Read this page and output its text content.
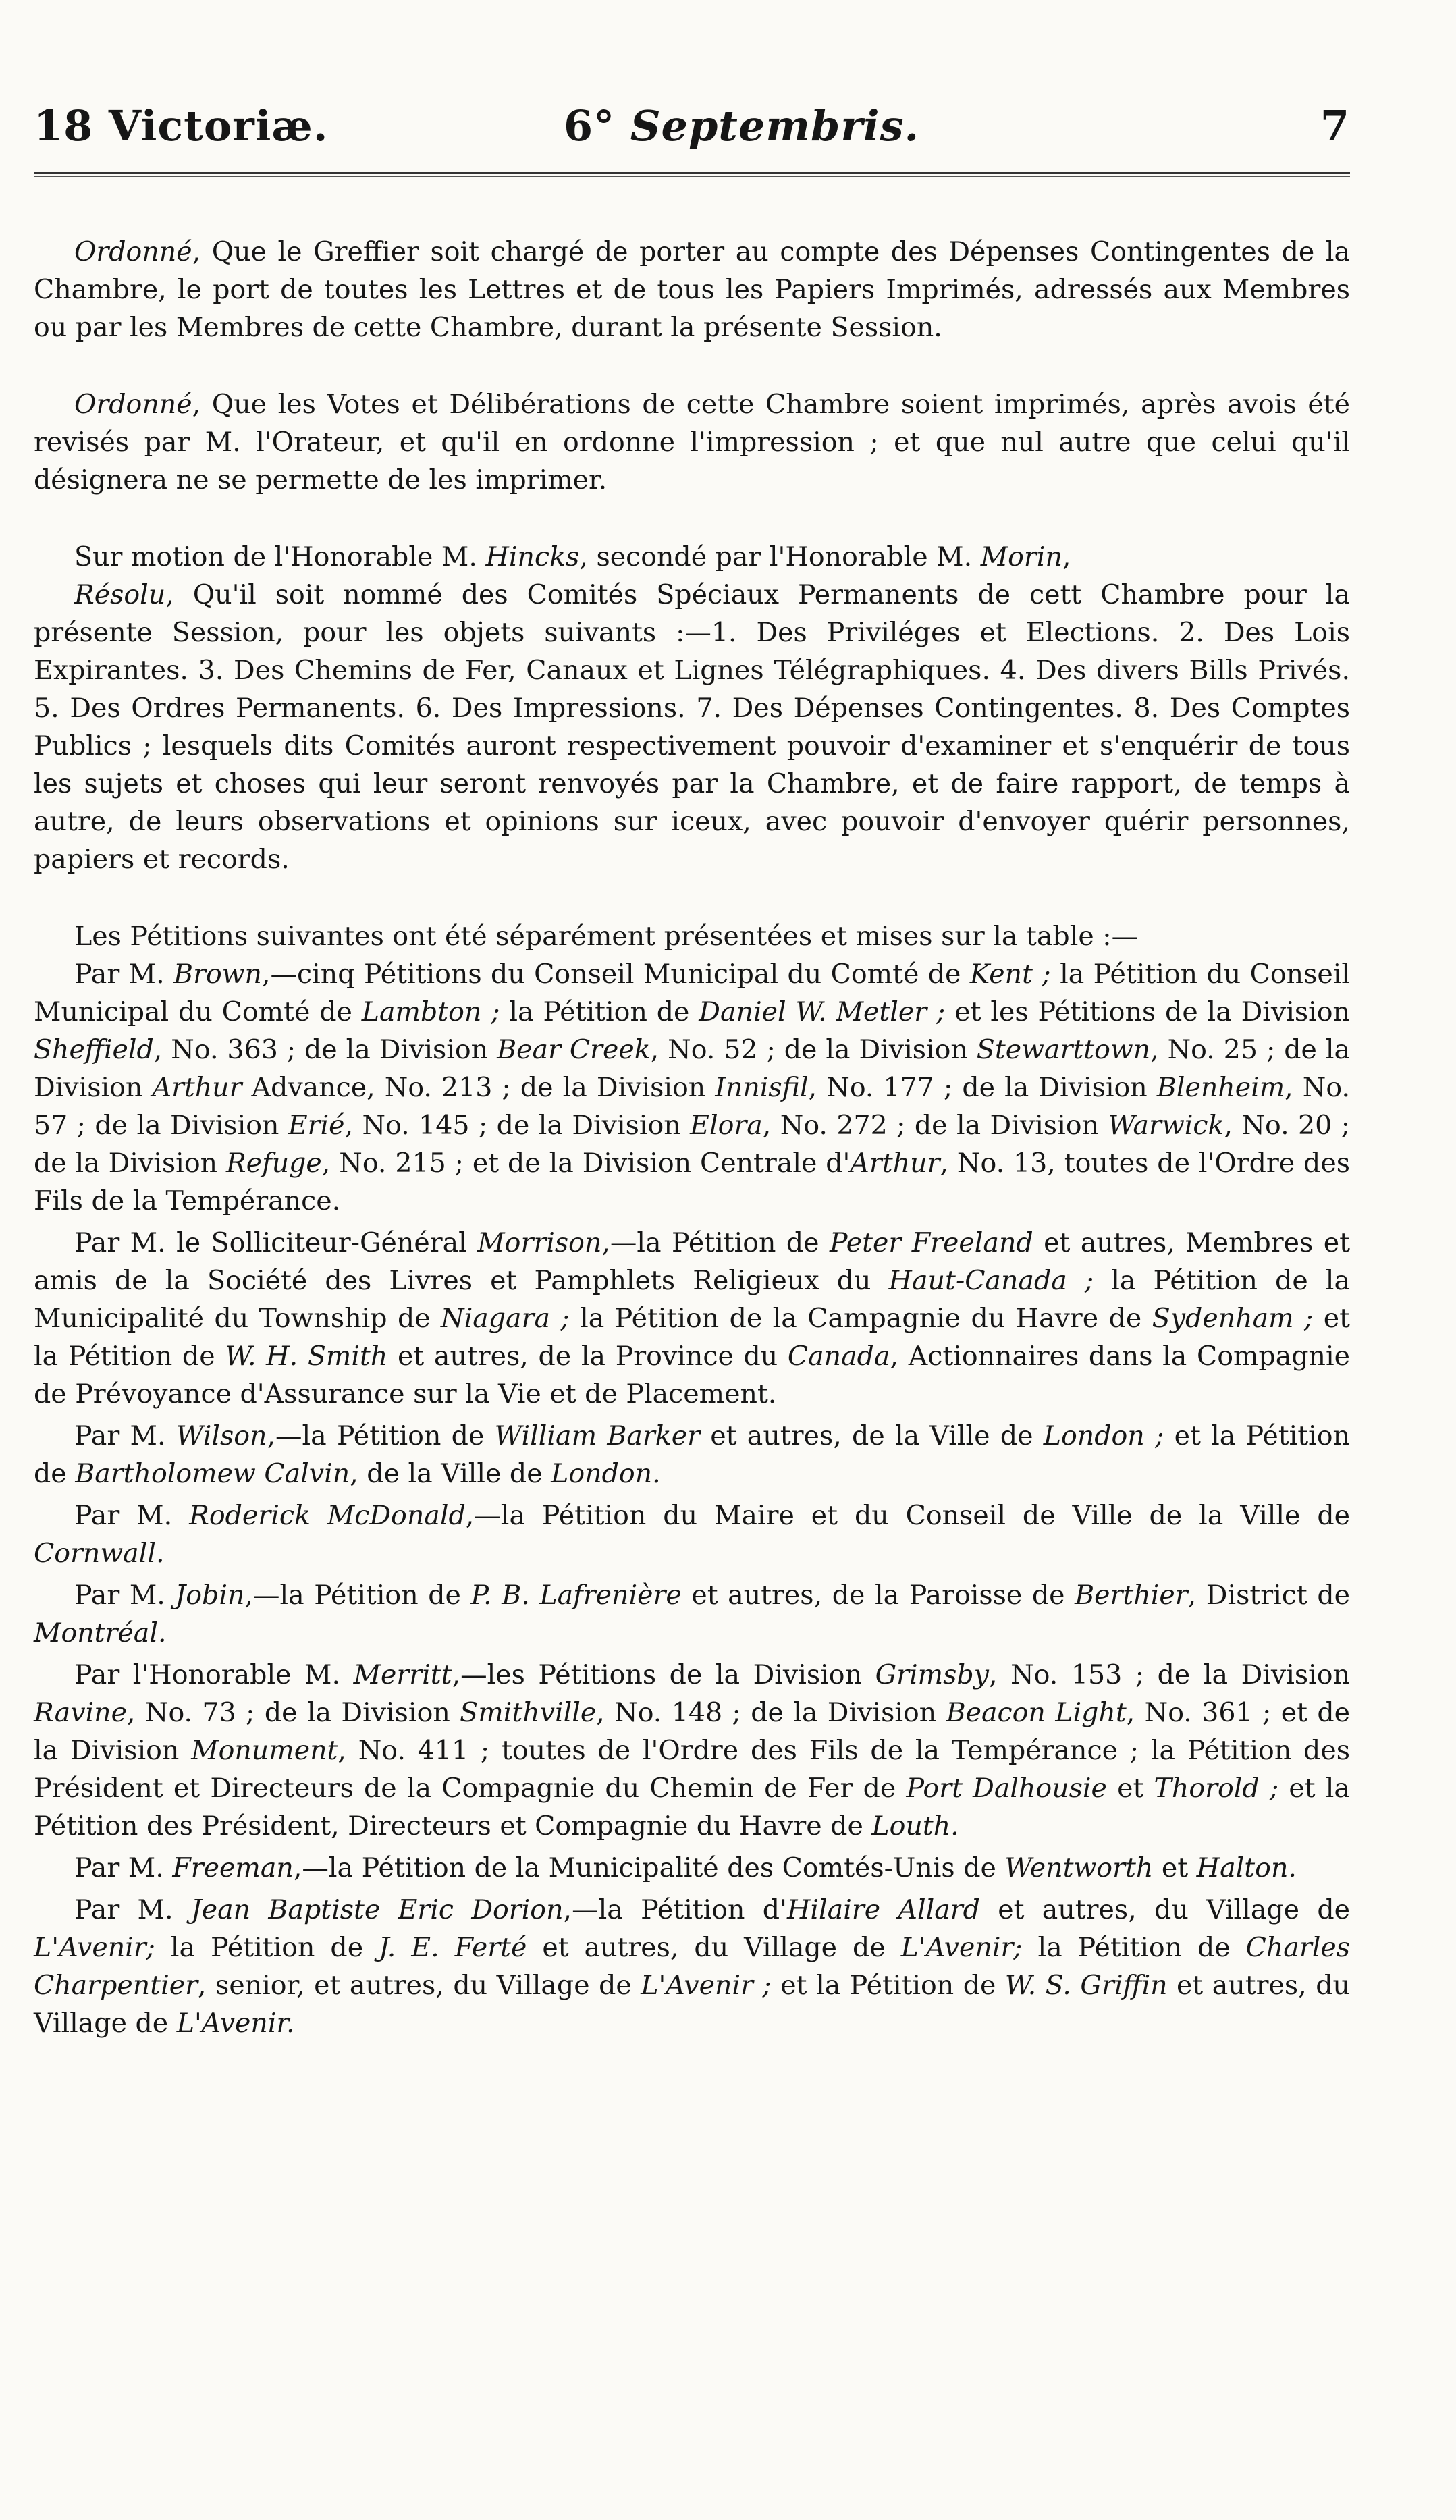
18 Victoriæ.	6° Septembris.	7

Ordonné, Que le Greffier soit chargé de porter au compte des Dépenses Contingentes de la Chambre, le port de toutes les Lettres et de tous les Papiers Imprimés, adressés aux Membres ou par les Membres de cette Chambre, durant la présente Session.

Ordonné, Que les Votes et Délibérations de cette Chambre soient imprimés, après avois été revisés par M. l'Orateur, et qu'il en ordonne l'impression ; et que nul autre que celui qu'il désignera ne se permette de les imprimer.

Sur motion de l'Honorable M. Hincks, secondé par l'Honorable M. Morin,

Résolu, Qu'il soit nommé des Comités Spéciaux Permanents de cett Chambre pour la présente Session, pour les objets suivants :—1. Des Priviléges et Elections. 2. Des Lois Expirantes. 3. Des Chemins de Fer, Canaux et Lignes Télégraphiques. 4. Des divers Bills Privés. 5. Des Ordres Permanents. 6. Des Impressions. 7. Des Dépenses Contingentes. 8. Des Comptes Publics ; lesquels dits Comités auront respectivement pouvoir d'examiner et s'enquérir de tous les sujets et choses qui leur seront renvoyés par la Chambre, et de faire rapport, de temps à autre, de leurs observations et opinions sur iceux, avec pouvoir d'envoyer quérir personnes, papiers et records.

Les Pétitions suivantes ont été séparément présentées et mises sur la table :—

Par M. Brown,—cinq Pétitions du Conseil Municipal du Comté de Kent ; la Pétition du Conseil Municipal du Comté de Lambton ; la Pétition de Daniel W. Metler ; et les Pétitions de la Division Sheffield, No. 363 ; de la Division Bear Creek, No. 52 ; de la Division Stewarttown, No. 25 ; de la Division Arthur Advance, No. 213 ; de la Division Innisfil, No. 177 ; de la Division Blenheim, No. 57 ; de la Division Erié, No. 145 ; de la Division Elora, No. 272 ; de la Division Warwick, No. 20 ; de la Division Refuge, No. 215 ; et de la Division Centrale d'Arthur, No. 13, toutes de l'Ordre des Fils de la Tempérance.

Par M. le Solliciteur-Général Morrison,—la Pétition de Peter Freeland et autres, Membres et amis de la Société des Livres et Pamphlets Religieux du Haut-Canada ; la Pétition de la Municipalité du Township de Niagara ; la Pétition de la Campagnie du Havre de Sydenham ; et la Pétition de W. H. Smith et autres, de la Province du Canada, Actionnaires dans la Compagnie de Prévoyance d'Assurance sur la Vie et de Placement.

Par M. Wilson,—la Pétition de William Barker et autres, de la Ville de London ; et la Pétition de Bartholomew Calvin, de la Ville de London.

Par M. Roderick McDonald,—la Pétition du Maire et du Conseil de Ville de la Ville de Cornwall.

Par M. Jobin,—la Pétition de P. B. Lafrenière et autres, de la Paroisse de Berthier, District de Montréal.

Par l'Honorable M. Merritt,—les Pétitions de la Division Grimsby, No. 153 ; de la Division Ravine, No. 73 ; de la Division Smithville, No. 148 ; de la Division Beacon Light, No. 361 ; et de la Division Monument, No. 411 ; toutes de l'Ordre des Fils de la Tempérance ; la Pétition des Président et Directeurs de la Compagnie du Chemin de Fer de Port Dalhousie et Thorold ; et la Pétition des Président, Directeurs et Compagnie du Havre de Louth.

Par M. Freeman,—la Pétition de la Municipalité des Comtés-Unis de Wentworth et Halton.

Par M. Jean Baptiste Eric Dorion,—la Pétition d'Hilaire Allard et autres, du Village de L'Avenir; la Pétition de J. E. Ferté et autres, du Village de L'Avenir; la Pétition de Charles Charpentier, senior, et autres, du Village de L'Avenir ; et la Pétition de W. S. Griffin et autres, du Village de L'Avenir.
